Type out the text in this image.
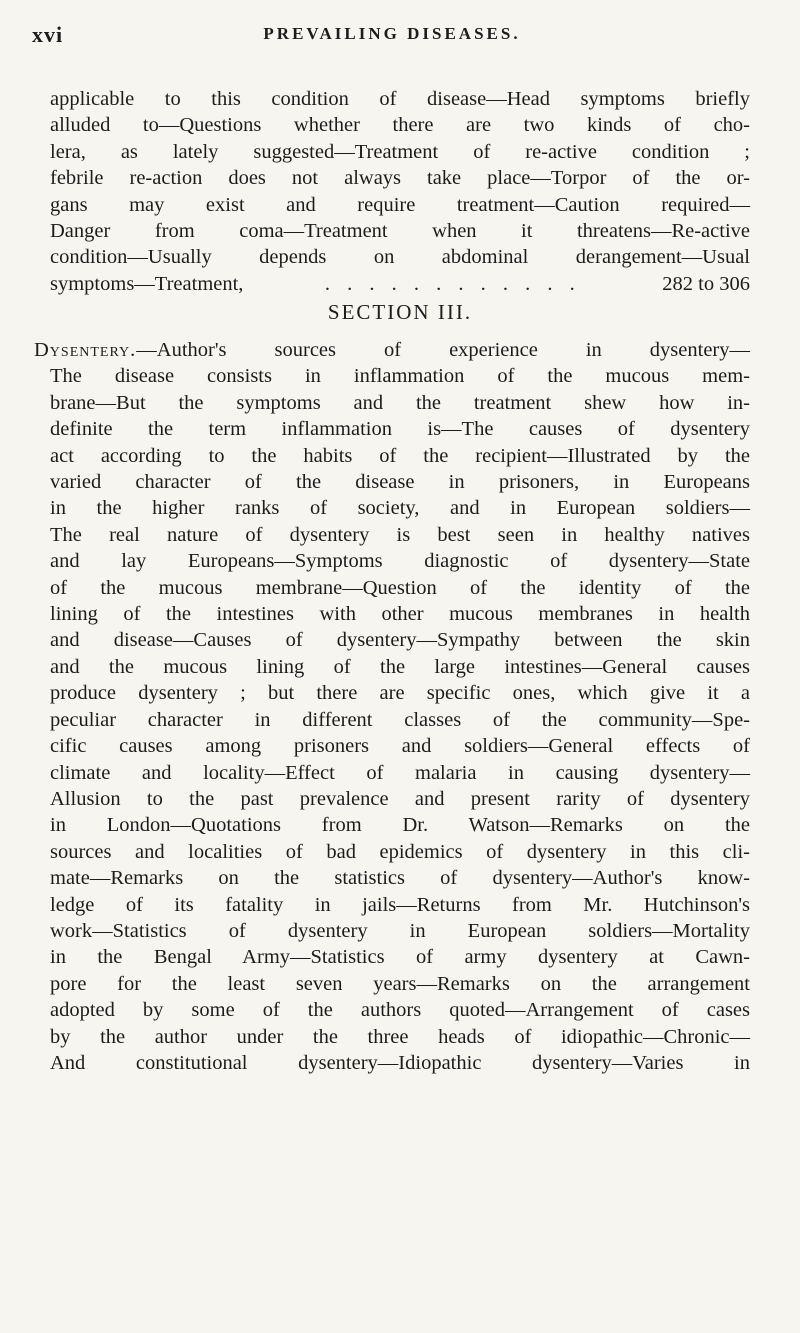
xvi	PREVAILING DISEASES.
applicable to this condition of disease—Head symptoms briefly
alluded to—Questions whether there are two kinds of cho-
lera, as lately suggested—Treatment of re-active condition ;
febrile re-action does not always take place—Torpor of the or-
gans may exist and require treatment—Caution required—
Danger from coma—Treatment when it threatens—Re-active
condition—Usually depends on abdominal derangement—Usual
symptoms—Treatment,	. . . . . . . . . . . .	282 to 306
SECTION III.
Dysentery.—Author's sources of experience in dysentery—
The disease consists in inflammation of the mucous mem-
brane—But the symptoms and the treatment shew how in-
definite the term inflammation is—The causes of dysentery
act according to the habits of the recipient—Illustrated by the
varied character of the disease in prisoners, in Europeans
in the higher ranks of society, and in European soldiers—
The real nature of dysentery is best seen in healthy natives
and lay Europeans—Symptoms diagnostic of dysentery—State
of the mucous membrane—Question of the identity of the
lining of the intestines with other mucous membranes in health
and disease—Causes of dysentery—Sympathy between the skin
and the mucous lining of the large intestines—General causes
produce dysentery ; but there are specific ones, which give it a
peculiar character in different classes of the community—Spe-
cific causes among prisoners and soldiers—General effects of
climate and locality—Effect of malaria in causing dysentery—
Allusion to the past prevalence and present rarity of dysentery
in London—Quotations from Dr. Watson—Remarks on the
sources and localities of bad epidemics of dysentery in this cli-
mate—Remarks on the statistics of dysentery—Author's know-
ledge of its fatality in jails—Returns from Mr. Hutchinson's
work—Statistics of dysentery in European soldiers—Mortality
in the Bengal Army—Statistics of army dysentery at Cawn-
pore for the least seven years—Remarks on the arrangement
adopted by some of the authors quoted—Arrangement of cases
by the author under the three heads of idiopathic—Chronic—
And constitutional dysentery—Idiopathic dysentery—Varies in
